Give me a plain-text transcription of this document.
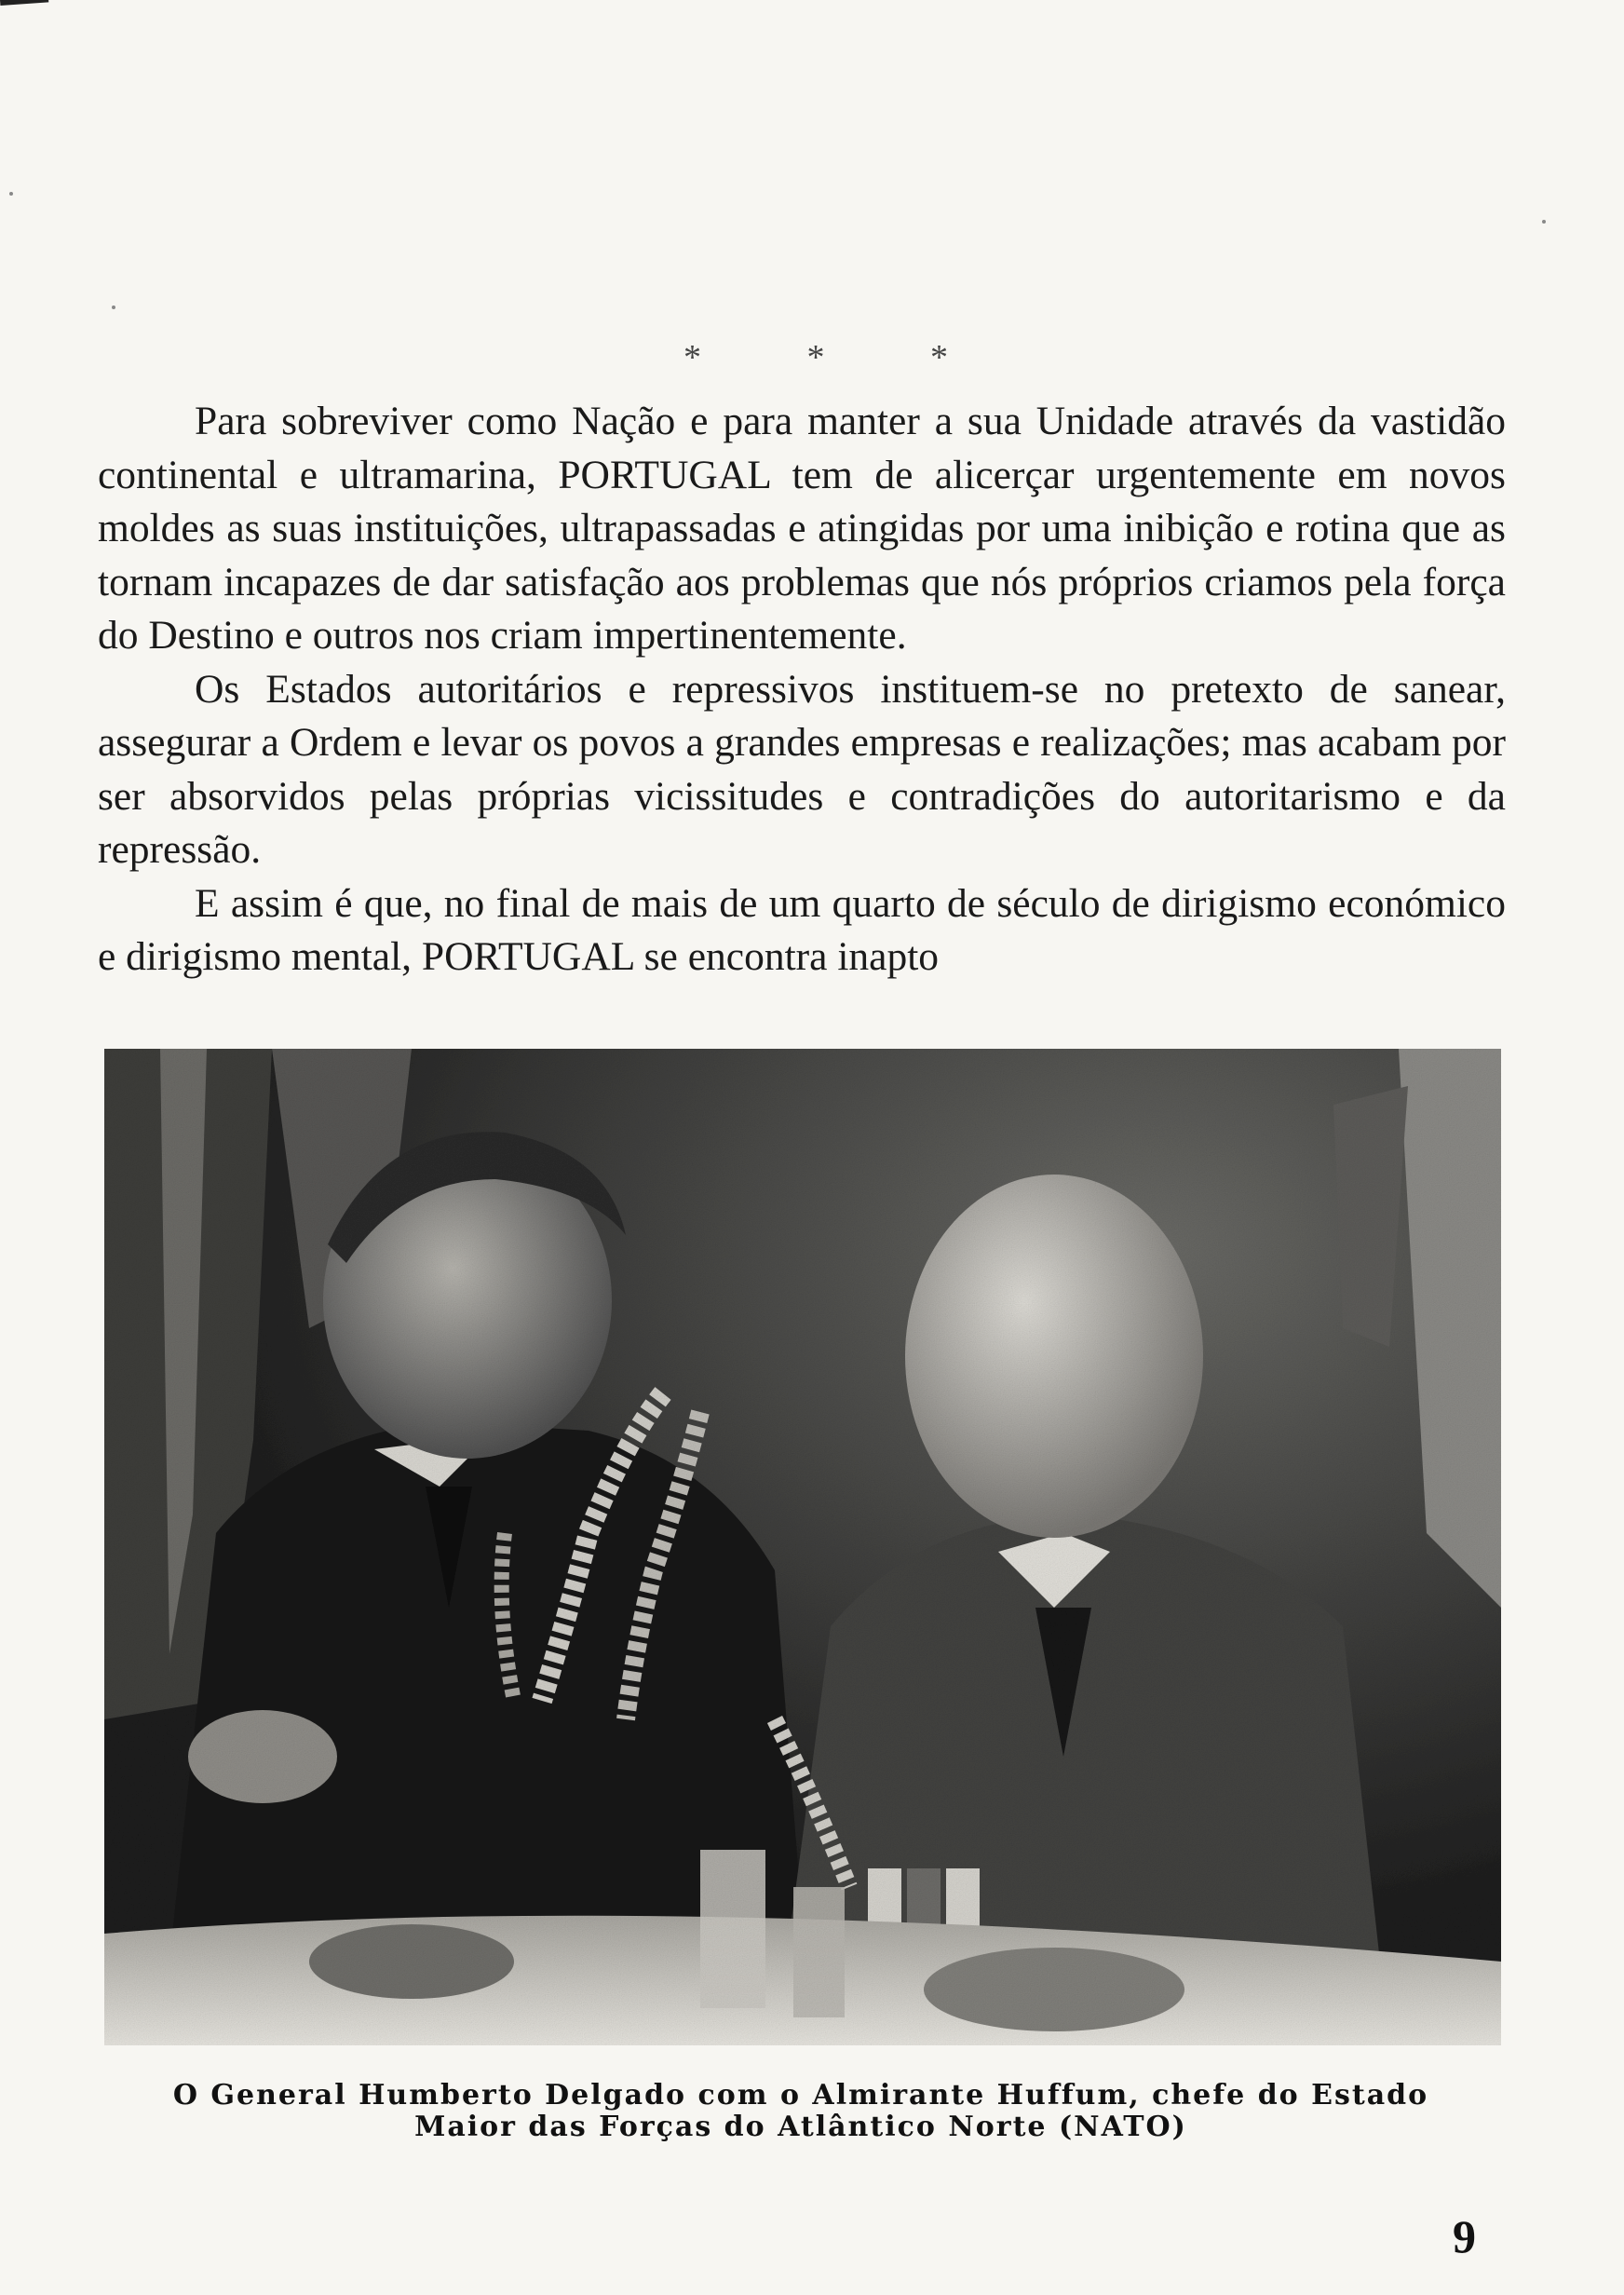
* * *

Para sobreviver como Nação e para manter a sua Unidade através da vastidão continental e ultramarina, PORTUGAL tem de alicerçar urgentemente em novos moldes as suas instituições, ultrapassadas e atingidas por uma inibição e rotina que as tornam incapazes de dar satisfação aos problemas que nós próprios criamos pela força do Destino e outros nos criam impertinentemente.

Os Estados autoritários e repressivos instituem-se no pretexto de sanear, assegurar a Ordem e levar os povos a grandes empresas e realizações; mas acabam por ser absorvidos pelas próprias vicissitudes e contradições do autoritarismo e da repressão.

E assim é que, no final de mais de um quarto de século de dirigismo económico e dirigismo mental, PORTUGAL se encontra inapto

O General Humberto Delgado com o Almirante Huffum, chefe do Estado
Maior das Forças do Atlântico Norte (NATO)
9
